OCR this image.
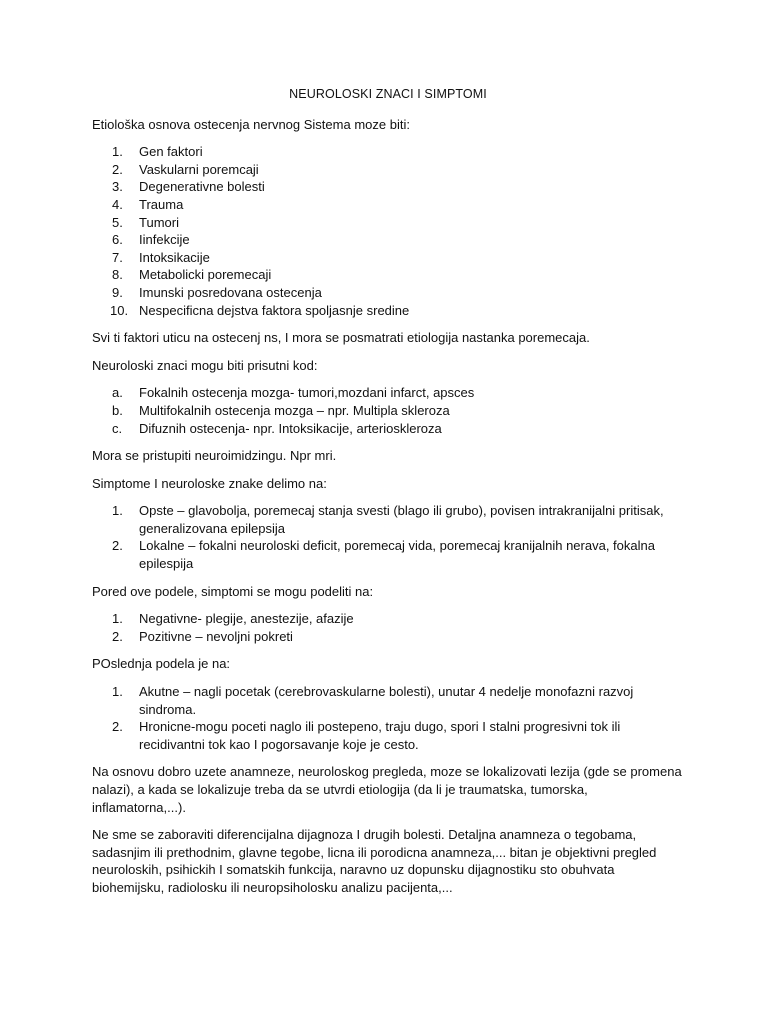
NEUROLOSKI ZNACI I SIMPTOMI

Etiološka osnova ostecenja nervnog Sistema moze biti:

1.	Gen faktori
2.	Vaskularni poremcaji
3.	Degenerativne bolesti
4.	Trauma
5.	Tumori
6.	Iinfekcije
7.	Intoksikacije
8.	Metabolicki poremecaji
9.	Imunski posredovana ostecenja
10. Nespecificna dejstva faktora spoljasnje sredine

Svi ti faktori uticu na ostecenj ns, I mora se posmatrati etiologija nastanka poremecaja.

Neuroloski znaci mogu biti prisutni kod:

a.	Fokalnih ostecenja mozga- tumori,mozdani infarct, apsces
b.	Multifokalnih ostecenja mozga – npr. Multipla skleroza
c.	Difuznih ostecenja- npr. Intoksikacije, arterioskleroza

Mora se pristupiti neuroimidzingu. Npr mri.

Simptome I neuroloske znake delimo na:

1.	Opste – glavobolja, poremecaj stanja svesti (blago ili grubo), povisen intrakranijalni pritisak, generalizovana epilepsija
2.	Lokalne – fokalni neuroloski deficit, poremecaj vida, poremecaj kranijalnih nerava, fokalna epilespija

Pored ove podele, simptomi se mogu podeliti na:

1.	Negativne- plegije, anestezije, afazije
2.	Pozitivne – nevoljni pokreti

POslednja podela je na:

1.	Akutne – nagli pocetak (cerebrovaskularne bolesti), unutar 4 nedelje monofazni razvoj sindroma.
2.	Hronicne-mogu poceti naglo ili postepeno, traju dugo, spori I stalni progresivni tok ili recidivantni tok kao I pogorsavanje koje je cesto.

Na osnovu dobro uzete anamneze, neuroloskog pregleda, moze se lokalizovati lezija (gde se promena nalazi), a kada se lokalizuje treba da se utvrdi etiologija (da li je traumatska, tumorska, inflamatorna,...).

Ne sme se zaboraviti diferencijalna dijagnoza I drugih bolesti. Detaljna anamneza o tegobama, sadasnjim ili prethodnim, glavne tegobe, licna ili porodicna anamneza,... bitan je objektivni pregled neuroloskih, psihickih I somatskih funkcija, naravno uz dopunsku dijagnostiku sto obuhvata biohemijsku, radiolosku ili neuropsiholosku analizu pacijenta,...
